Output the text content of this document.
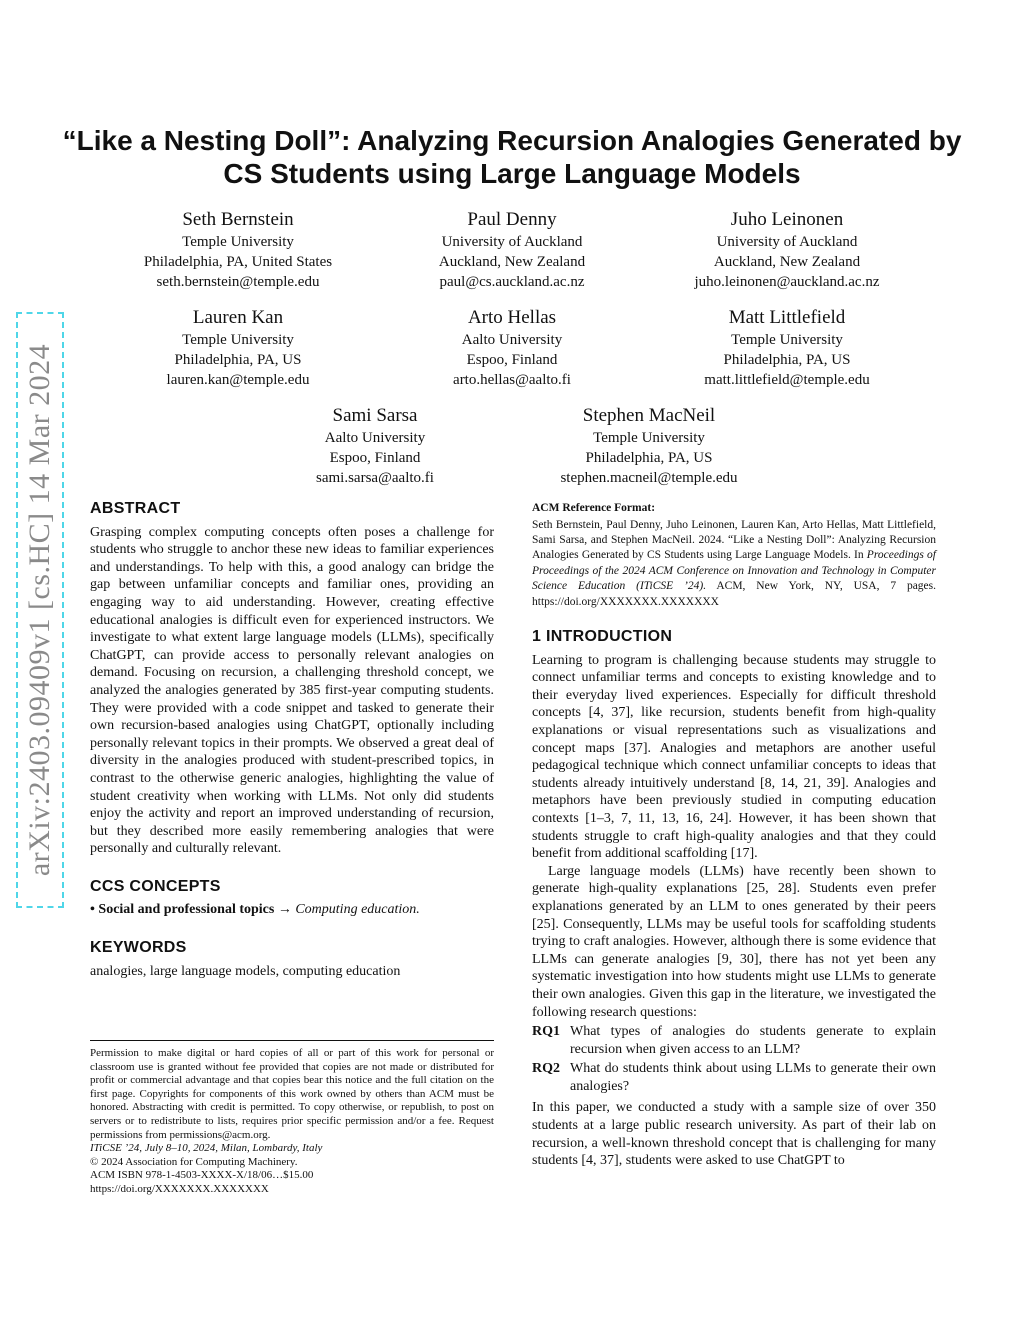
arXiv:2403.09409v1 [cs.HC] 14 Mar 2024
“Like a Nesting Doll”: Analyzing Recursion Analogies Generated by CS Students using Large Language Models
Seth Bernstein
Temple University
Philadelphia, PA, United States
seth.bernstein@temple.edu
Paul Denny
University of Auckland
Auckland, New Zealand
paul@cs.auckland.ac.nz
Juho Leinonen
University of Auckland
Auckland, New Zealand
juho.leinonen@auckland.ac.nz
Lauren Kan
Temple University
Philadelphia, PA, US
lauren.kan@temple.edu
Arto Hellas
Aalto University
Espoo, Finland
arto.hellas@aalto.fi
Matt Littlefield
Temple University
Philadelphia, PA, US
matt.littlefield@temple.edu
Sami Sarsa
Aalto University
Espoo, Finland
sami.sarsa@aalto.fi
Stephen MacNeil
Temple University
Philadelphia, PA, US
stephen.macneil@temple.edu
ABSTRACT

Grasping complex computing concepts often poses a challenge for students who struggle to anchor these new ideas to familiar experiences and understandings. To help with this, a good analogy can bridge the gap between unfamiliar concepts and familiar ones, providing an engaging way to aid understanding. However, creating effective educational analogies is difficult even for experienced instructors. We investigate to what extent large language models (LLMs), specifically ChatGPT, can provide access to personally relevant analogies on demand. Focusing on recursion, a challenging threshold concept, we analyzed the analogies generated by 385 first-year computing students. They were provided with a code snippet and tasked to generate their own recursion-based analogies using ChatGPT, optionally including personally relevant topics in their prompts. We observed a great deal of diversity in the analogies produced with student-prescribed topics, in contrast to the otherwise generic analogies, highlighting the value of student creativity when working with LLMs. Not only did students enjoy the activity and report an improved understanding of recursion, but they described more easily remembering analogies that were personally and culturally relevant.

CCS CONCEPTS

• Social and professional topics → Computing education.

KEYWORDS

analogies, large language models, computing education

Permission to make digital or hard copies of all or part of this work for personal or classroom use is granted without fee provided that copies are not made or distributed for profit or commercial advantage and that copies bear this notice and the full citation on the first page. Copyrights for components of this work owned by others than ACM must be honored. Abstracting with credit is permitted. To copy otherwise, or republish, to post on servers or to redistribute to lists, requires prior specific permission and/or a fee. Request permissions from permissions@acm.org.

ITiCSE ’24, July 8–10, 2024, Milan, Lombardy, Italy

© 2024 Association for Computing Machinery.

ACM ISBN 978-1-4503-XXXX-X/18/06…$15.00

https://doi.org/XXXXXXX.XXXXXXX

ACM Reference Format:

Seth Bernstein, Paul Denny, Juho Leinonen, Lauren Kan, Arto Hellas, Matt Littlefield, Sami Sarsa, and Stephen MacNeil. 2024. “Like a Nesting Doll”: Analyzing Recursion Analogies Generated by CS Students using Large Language Models. In Proceedings of Proceedings of the 2024 ACM Conference on Innovation and Technology in Computer Science Education (ITiCSE ’24). ACM, New York, NY, USA, 7 pages. https://doi.org/XXXXXXX.XXXXXXX

1 INTRODUCTION

Learning to program is challenging because students may struggle to connect unfamiliar terms and concepts to existing knowledge and to their everyday lived experiences. Especially for difficult threshold concepts [4, 37], like recursion, students benefit from high-quality explanations or visual representations such as visualizations and concept maps [37]. Analogies and metaphors are another useful pedagogical technique which connect unfamiliar concepts to ideas that students already intuitively understand [8, 14, 21, 39]. Analogies and metaphors have been previously studied in computing education contexts [1–3, 7, 11, 13, 16, 24]. However, it has been shown that students struggle to craft high-quality analogies and that they could benefit from additional scaffolding [17].

Large language models (LLMs) have recently been shown to generate high-quality explanations [25, 28]. Students even prefer explanations generated by an LLM to ones generated by their peers [25]. Consequently, LLMs may be useful tools for scaffolding students trying to craft analogies. However, although there is some evidence that LLMs can generate analogies [9, 30], there has not yet been any systematic investigation into how students might use LLMs to generate their own analogies. Given this gap in the literature, we investigated the following research questions:

RQ1 What types of analogies do students generate to explain recursion when given access to an LLM?
RQ2 What do students think about using LLMs to generate their own analogies?

In this paper, we conducted a study with a sample size of over 350 students at a large public research university. As part of their lab on recursion, a well-known threshold concept that is challenging for many students [4, 37], students were asked to use ChatGPT to
